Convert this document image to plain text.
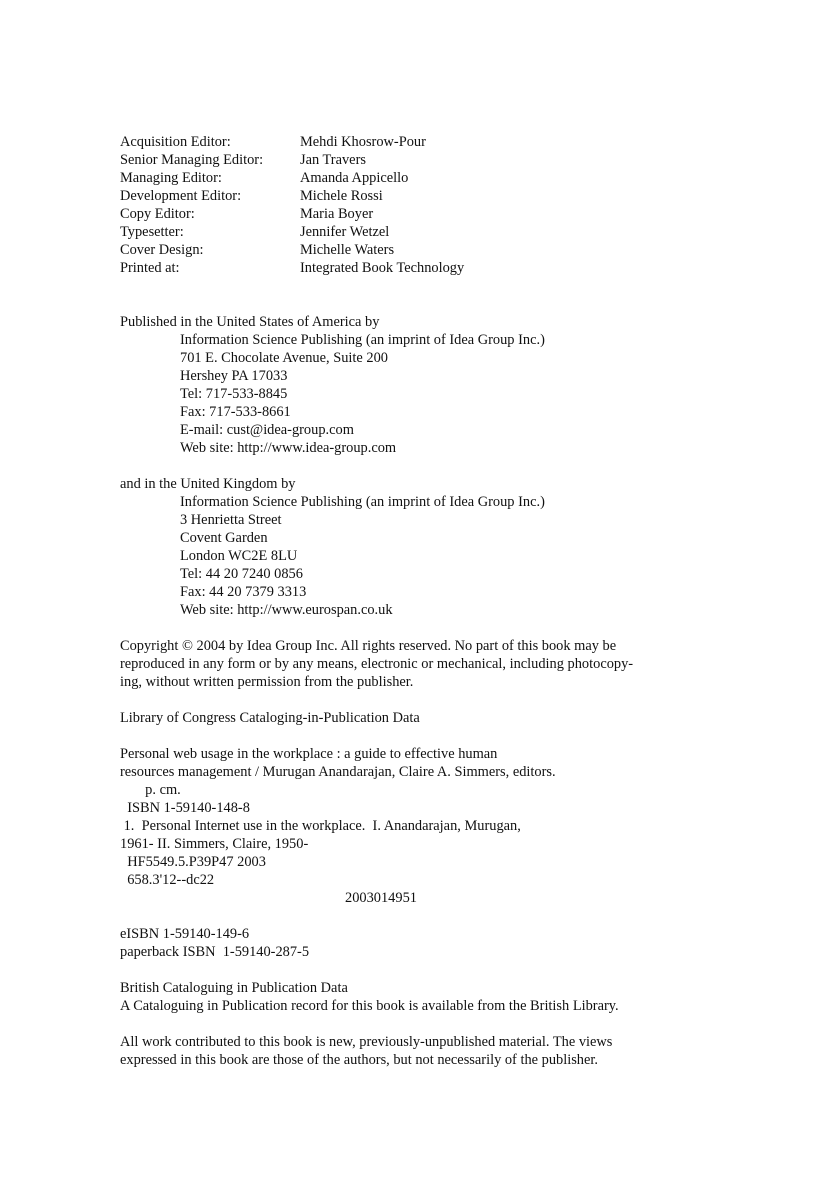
Acquisition Editor:	Mehdi Khosrow-Pour
Senior Managing Editor:	Jan Travers
Managing Editor:	Amanda Appicello
Development Editor:	Michele Rossi
Copy Editor:	Maria Boyer
Typesetter:	Jennifer Wetzel
Cover Design:	Michelle Waters
Printed at:	Integrated Book Technology
Published in the United States of America by
Information Science Publishing (an imprint of Idea Group Inc.)
701 E. Chocolate Avenue, Suite 200
Hershey PA 17033
Tel: 717-533-8845
Fax: 717-533-8661
E-mail: cust@idea-group.com
Web site: http://www.idea-group.com
and in the United Kingdom by
Information Science Publishing (an imprint of Idea Group Inc.)
3 Henrietta Street
Covent Garden
London WC2E 8LU
Tel: 44 20 7240 0856
Fax: 44 20 7379 3313
Web site: http://www.eurospan.co.uk
Copyright © 2004 by Idea Group Inc. All rights reserved. No part of this book may be
reproduced in any form or by any means, electronic or mechanical, including photocopy-
ing, without written permission from the publisher.
Library of Congress Cataloging-in-Publication Data
Personal web usage in the workplace : a guide to effective human
resources management / Murugan Anandarajan, Claire A. Simmers, editors.
p. cm.
ISBN 1-59140-148-8
1.  Personal Internet use in the workplace.  I. Anandarajan, Murugan,
1961- II. Simmers, Claire, 1950-
HF5549.5.P39P47 2003
658.3'12--dc22
2003014951
eISBN 1-59140-149-6
paperback ISBN  1-59140-287-5
British Cataloguing in Publication Data
A Cataloguing in Publication record for this book is available from the British Library.
All work contributed to this book is new, previously-unpublished material. The views
expressed in this book are those of the authors, but not necessarily of the publisher.
